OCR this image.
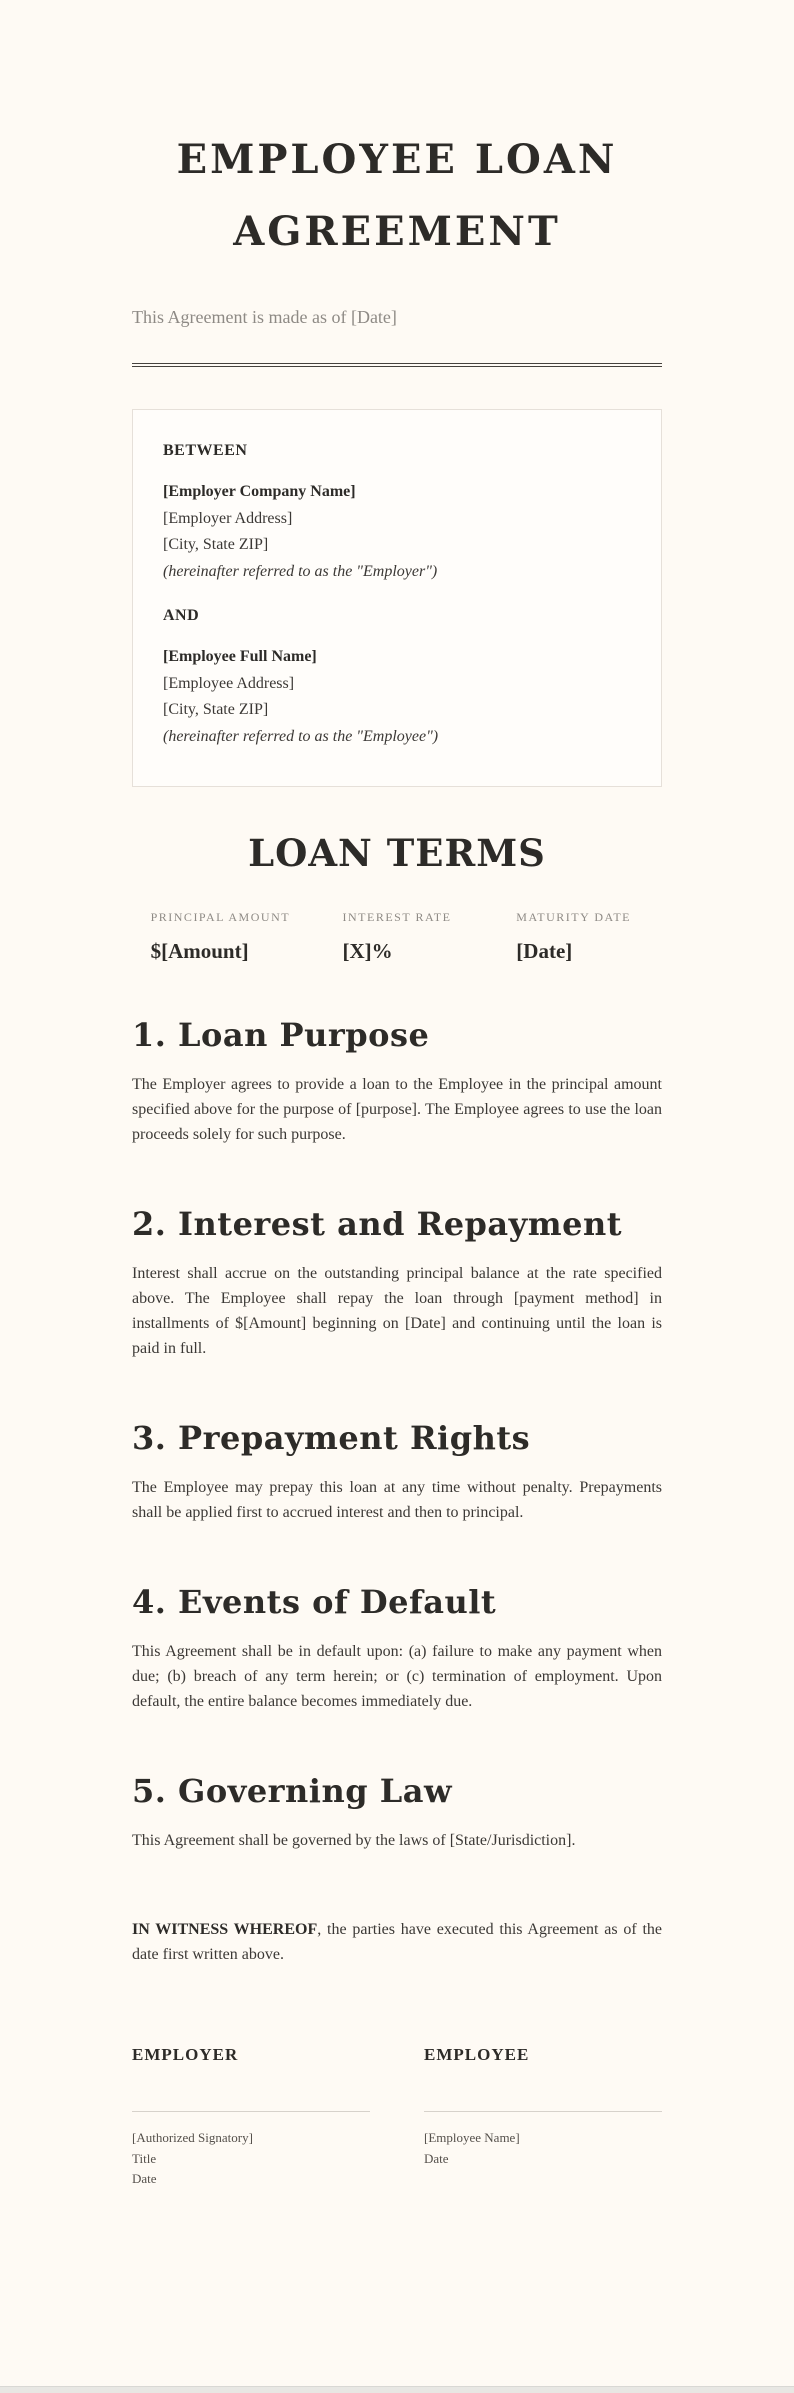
EMPLOYEE LOAN AGREEMENT
This Agreement is made as of [Date]
BETWEEN
[Employer Company Name]
[Employer Address]
[City, State ZIP]
(hereinafter referred to as the "Employer")
AND
[Employee Full Name]
[Employee Address]
[City, State ZIP]
(hereinafter referred to as the "Employee")
LOAN TERMS
PRINCIPAL AMOUNT
$[Amount]
INTEREST RATE
[X]%
MATURITY DATE
[Date]
1. Loan Purpose

The Employer agrees to provide a loan to the Employee in the principal amount specified above for the purpose of [purpose]. The Employee agrees to use the loan proceeds solely for such purpose.

2. Interest and Repayment

Interest shall accrue on the outstanding principal balance at the rate specified above. The Employee shall repay the loan through [payment method] in installments of $[Amount] beginning on [Date] and continuing until the loan is paid in full.

3. Prepayment Rights

The Employee may prepay this loan at any time without penalty. Prepayments shall be applied first to accrued interest and then to principal.

4. Events of Default

This Agreement shall be in default upon: (a) failure to make any payment when due; (b) breach of any term herein; or (c) termination of employment. Upon default, the entire balance becomes immediately due.

5. Governing Law

This Agreement shall be governed by the laws of [State/Jurisdiction].

IN WITNESS WHEREOF, the parties have executed this Agreement as of the date first written above.

EMPLOYER
[Authorized Signatory]
Title
Date
EMPLOYEE
[Employee Name]
Date
